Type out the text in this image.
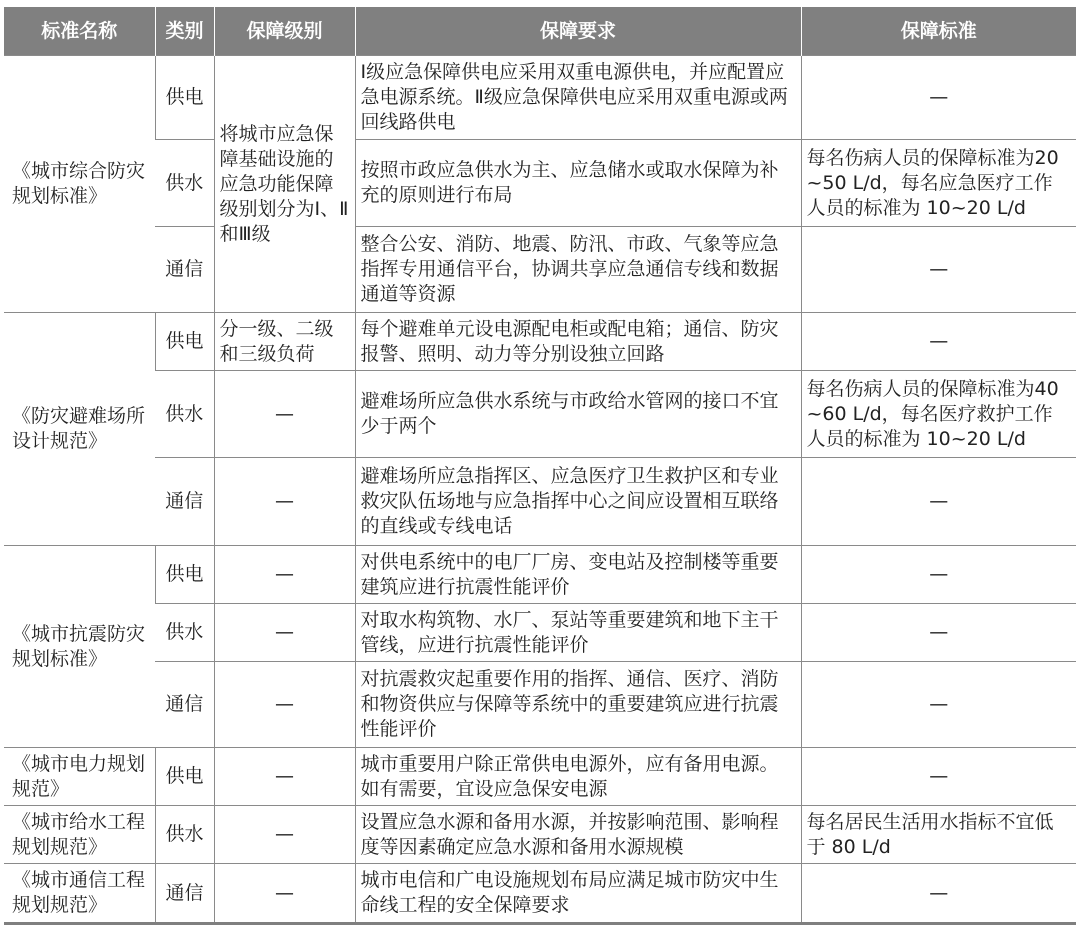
标准名称	类别	保障级别	保障要求	保障标准
《城市综合防灾规划标准》	供电	将城市应急保障基础设施的应急功能保障级别划分为Ⅰ、Ⅱ和Ⅲ级	Ⅰ级应急保障供电应采用双重电源供电，并应配置应急电源系统。Ⅱ级应急保障供电应采用双重电源或两回线路供电	—
	供水		按照市政应急供水为主、应急储水或取水保障为补充的原则进行布局	每名伤病人员的保障标准为20~50 L/d，每名应急医疗工作人员的标准为 10~20 L/d
	通信		整合公安、消防、地震、防汛、市政、气象等应急指挥专用通信平台，协调共享应急通信专线和数据通道等资源	—
《防灾避难场所设计规范》	供电	分一级、二级和三级负荷	每个避难单元设电源配电柜或配电箱；通信、防灾报警、照明、动力等分别设独立回路	—
	供水	—	避难场所应急供水系统与市政给水管网的接口不宜少于两个	每名伤病人员的保障标准为40~60 L/d，每名医疗救护工作人员的标准为 10~20 L/d
	通信	—	避难场所应急指挥区、应急医疗卫生救护区和专业救灾队伍场地与应急指挥中心之间应设置相互联络的直线或专线电话	—
《城市抗震防灾规划标准》	供电	—	对供电系统中的电厂厂房、变电站及控制楼等重要建筑应进行抗震性能评价	—
	供水	—	对取水构筑物、水厂、泵站等重要建筑和地下主干管线，应进行抗震性能评价	—
	通信	—	对抗震救灾起重要作用的指挥、通信、医疗、消防和物资供应与保障等系统中的重要建筑应进行抗震性能评价	—
《城市电力规划规范》	供电	—	城市重要用户除正常供电电源外，应有备用电源。如有需要，宜设应急保安电源	—
《城市给水工程规划规范》	供水	—	设置应急水源和备用水源，并按影响范围、影响程度等因素确定应急水源和备用水源规模	每名居民生活用水指标不宜低于 80 L/d
《城市通信工程规划规范》	通信	—	城市电信和广电设施规划布局应满足城市防灾中生命线工程的安全保障要求	—
